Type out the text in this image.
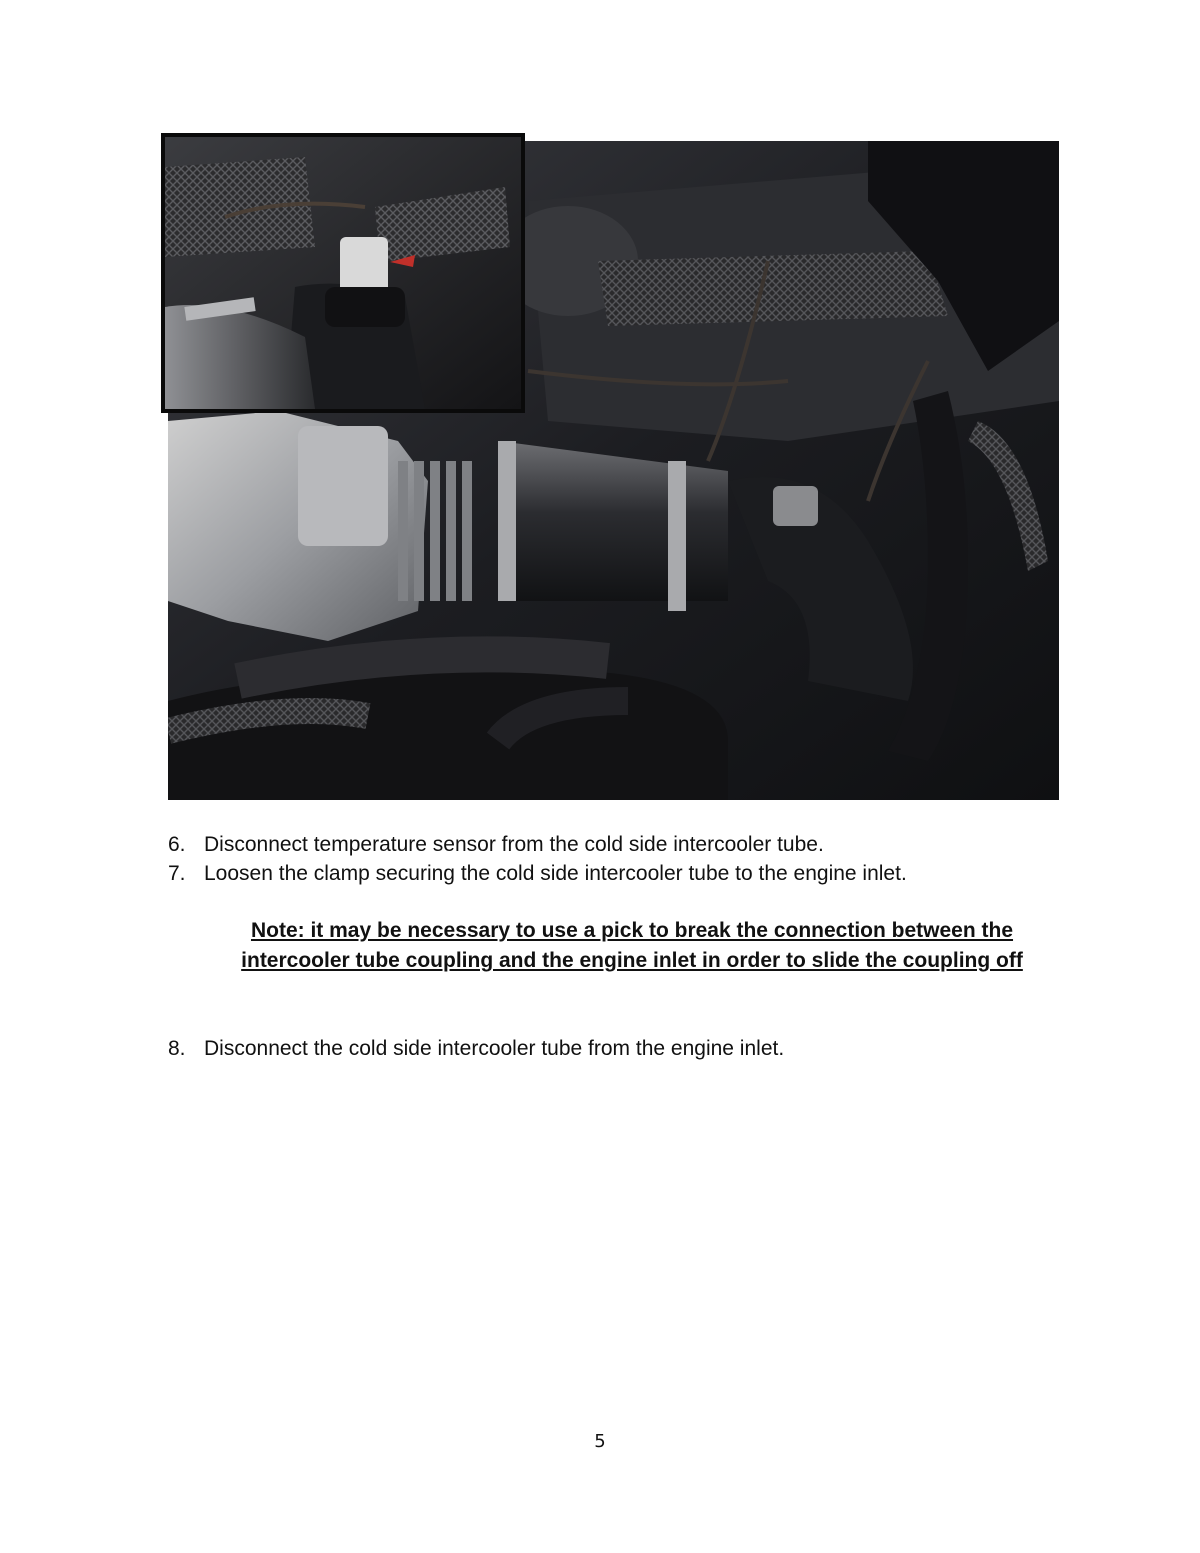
6. Disconnect temperature sensor from the cold side intercooler tube.
7. Loosen the clamp securing the cold side intercooler tube to the engine inlet.
Note: it may be necessary to use a pick to break the connection between the intercooler tube coupling and the engine inlet in order to slide the coupling off
8. Disconnect the cold side intercooler tube from the engine inlet.
5
